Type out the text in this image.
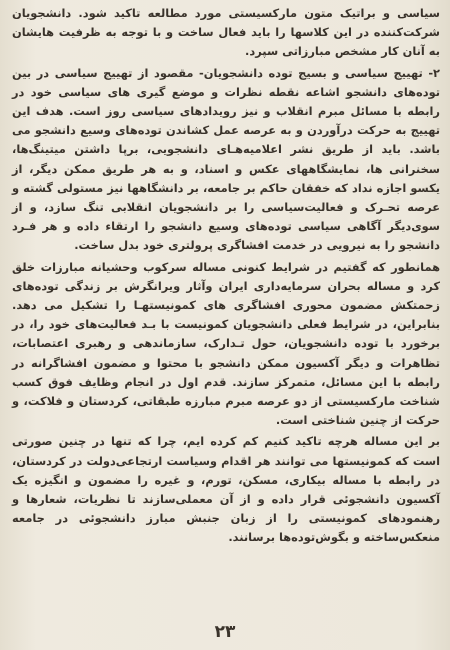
سیاسی و براتیک متون مارکسیستی مورد مطالعه تاکید شود. دانشجویان شرکت‌کننده در این کلاسها را باید فعال ساخت و با توجه به ظرفیت هایشان به آنان کار مشخص مبارزاتی سپرد.

۲- تهییج سیاسی و بسیج توده دانشجویان- مقصود از تهییج سیاسی در بین توده‌های دانشجو اشاعه نقطه نظرات و موضع گیری های سیاسی خود در رابطه با مسائل مبرم انقلاب و نیز رویدادهای سیاسی روز است. هدف این تهییج به حرکت درآوردن و به عرصه عمل کشاندن توده‌های وسیع دانشجو می باشد. باید از طریق نشر اعلامیه‌هـای دانشجویی، برپا داشتن میتینگ‌ها، سخنرانی ها، نمایشگاههای عکس و اسناد، و به هر طریق ممکن دیگر، از یکسو اجازه نداد که خفقان حاکم بر جامعه، بر دانشگاهها نیز مستولی گشته و عرصه تحـرک و فعالیت‌سیاسی را بر دانشجویان انقلابی تنگ‌ سازد، و از سوی‌دیگر آگاهی سیاسی توده‌های وسیع دانشجو را ارتقاء داده و هر فـرد دانشجو را به نیرویی در خدمت افشاگری پرولتری خود بدل ساخت.

همانطور که گفتیم در شرایط کنونی مساله سرکوب وحشیانه مبارزات خلق کرد و مساله بحران سرمایه‌داری ایران وآثار ویرانگرش بر زندگی توده‌های زحمتکش مضمون محوری افشاگری های کمونیستهـا را تشکیل می دهد. بنابراین، در شرایط فعلی دانشجویان کمونیست با بـد فعالیت‌های خود را، در برخورد با توده دانشجویان، حول تـدارک، سازماندهی و رهبری اعتصابات، تظاهرات و دیگر آکسیون ممکن دانشجو با محتوا و مضمون افشاگرانه در رابطه با این مسائل، متمرکز سازند. قدم اول در انجام وظایف فوق کسب شناخت مارکسیستی از دو عرصه مبرم مبارزه طبقاتی، کردستان و فلاکت، و حرکت از چنین شناختی است.

بر این مساله هرچه تاکید کنیم کم کرده ایم، چرا که تنها در چنین صورتی است که کمونیستها می توانند هر اقدام وسیاست ارتجاعی‌دولت در کردستان، در رابطه با مساله بیکاری، مسکن، تورم، و غیره را مضمون و انگیزه یک آکسیون دانشجوئی قرار داده و از آن معملی‌سازند تا نظریات، شعارها و رهنمودهای کمونیستی را از زبان جنبش مبارز دانشجوئی در جامعه منعکس‌ساخته و بگوش‌توده‌ها برسانند.

۲۳
